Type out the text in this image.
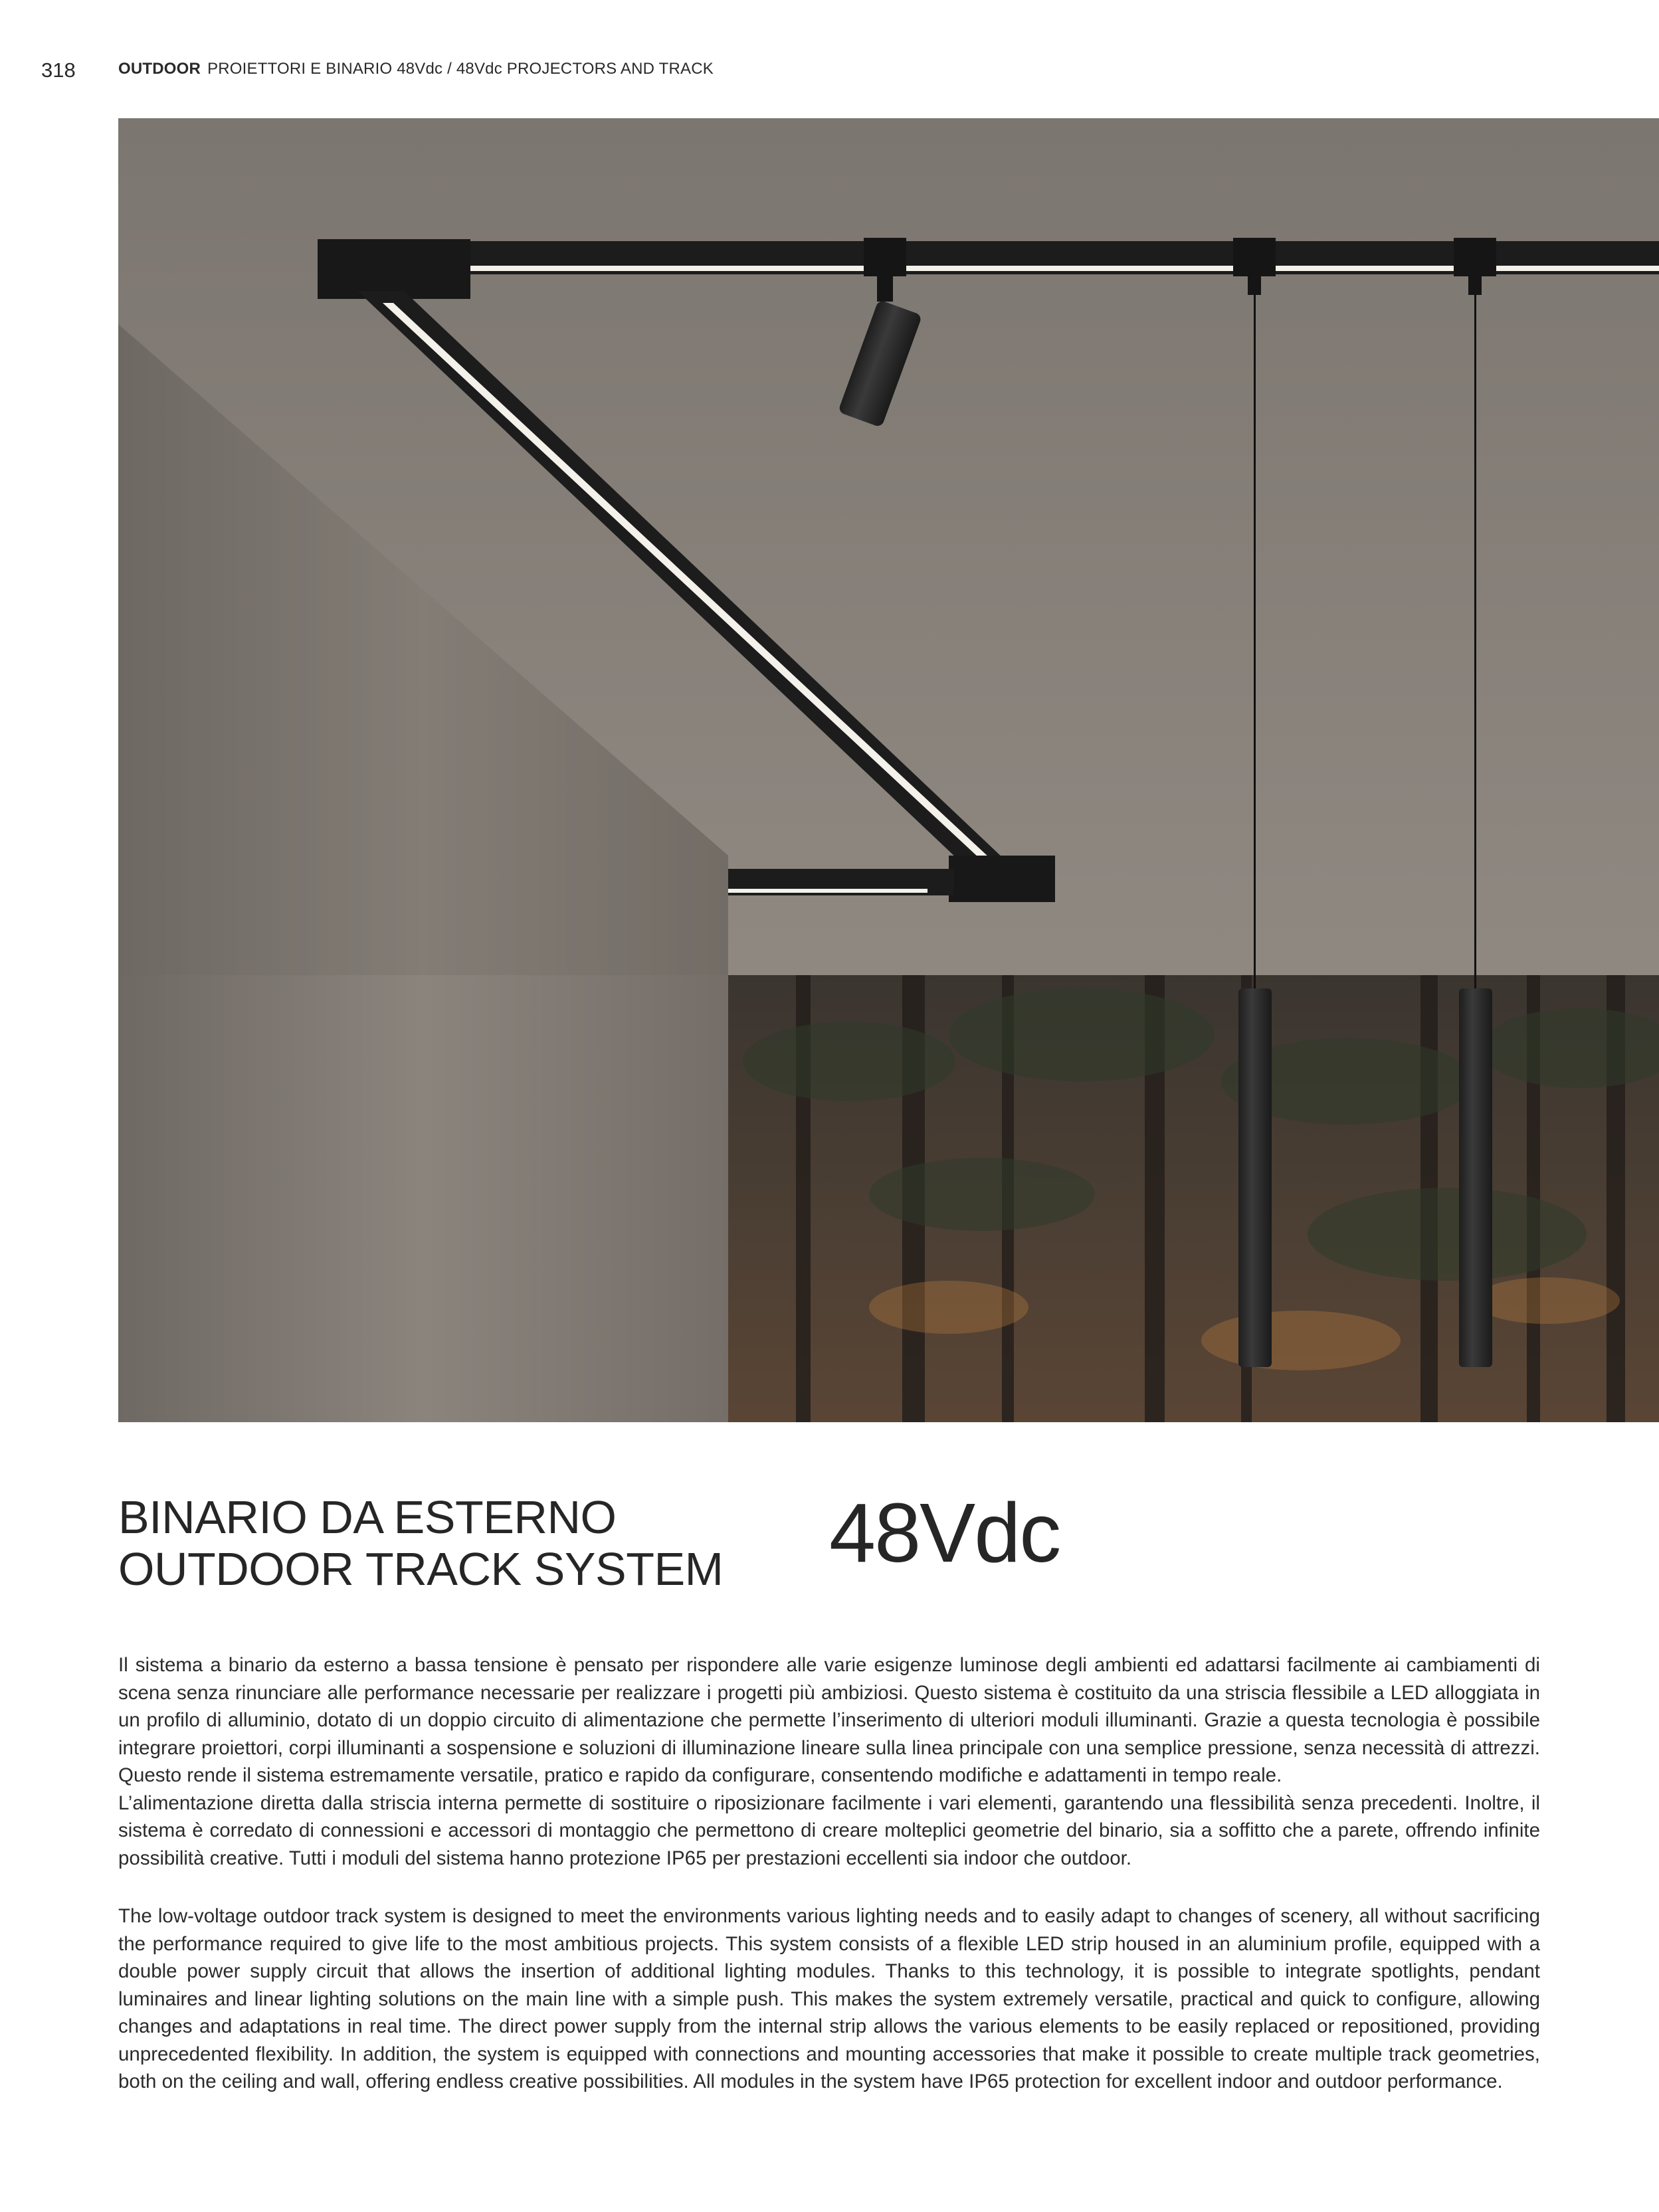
318	OUTDOOR PROIETTORI E BINARIO 48Vdc / 48Vdc PROJECTORS AND TRACK
BINARIO DA ESTERNO
OUTDOOR TRACK SYSTEM 48Vdc

Il sistema a binario da esterno a bassa tensione è pensato per rispondere alle varie esigenze luminose degli ambienti ed adattarsi facilmente ai cambiamenti di scena senza rinunciare alle performance necessarie per realizzare i progetti più ambiziosi. Questo sistema è costituito da una striscia flessibile a LED alloggiata in un profilo di alluminio, dotato di un doppio circuito di alimentazione che permette l’inserimento di ulteriori moduli illuminanti. Grazie a questa tecnologia è possibile integrare proiettori, corpi illuminanti a sospensione e soluzioni di illuminazione lineare sulla linea principale con una semplice pressione, senza necessità di attrezzi. Questo rende il sistema estremamente versatile, pratico e rapido da configurare, consentendo modifiche e adattamenti in tempo reale.

L’alimentazione diretta dalla striscia interna permette di sostituire o riposizionare facilmente i vari elementi, garantendo una flessibilità senza precedenti. Inoltre, il sistema è corredato di connessioni e accessori di montaggio che permettono di creare molteplici geometrie del binario, sia a soffitto che a parete, offrendo infinite possibilità creative. Tutti i moduli del sistema hanno protezione IP65 per prestazioni eccellenti sia indoor che outdoor.

The low-voltage outdoor track system is designed to meet the environments various lighting needs and to easily adapt to changes of scenery, all without sacrificing the performance required to give life to the most ambitious projects. This system consists of a flexible LED strip housed in an aluminium profile, equipped with a double power supply circuit that allows the insertion of additional lighting modules. Thanks to this technology, it is possible to integrate spotlights, pendant luminaires and linear lighting solutions on the main line with a simple push. This makes the system extremely versatile, practical and quick to configure, allowing changes and adaptations in real time. The direct power supply from the internal strip allows the various elements to be easily replaced or repositioned, providing unprecedented flexibility. In addition, the system is equipped with connections and mounting accessories that make it possible to create multiple track geometries, both on the ceiling and wall, offering endless creative possibilities. All modules in the system have IP65 protection for excellent indoor and outdoor performance.
